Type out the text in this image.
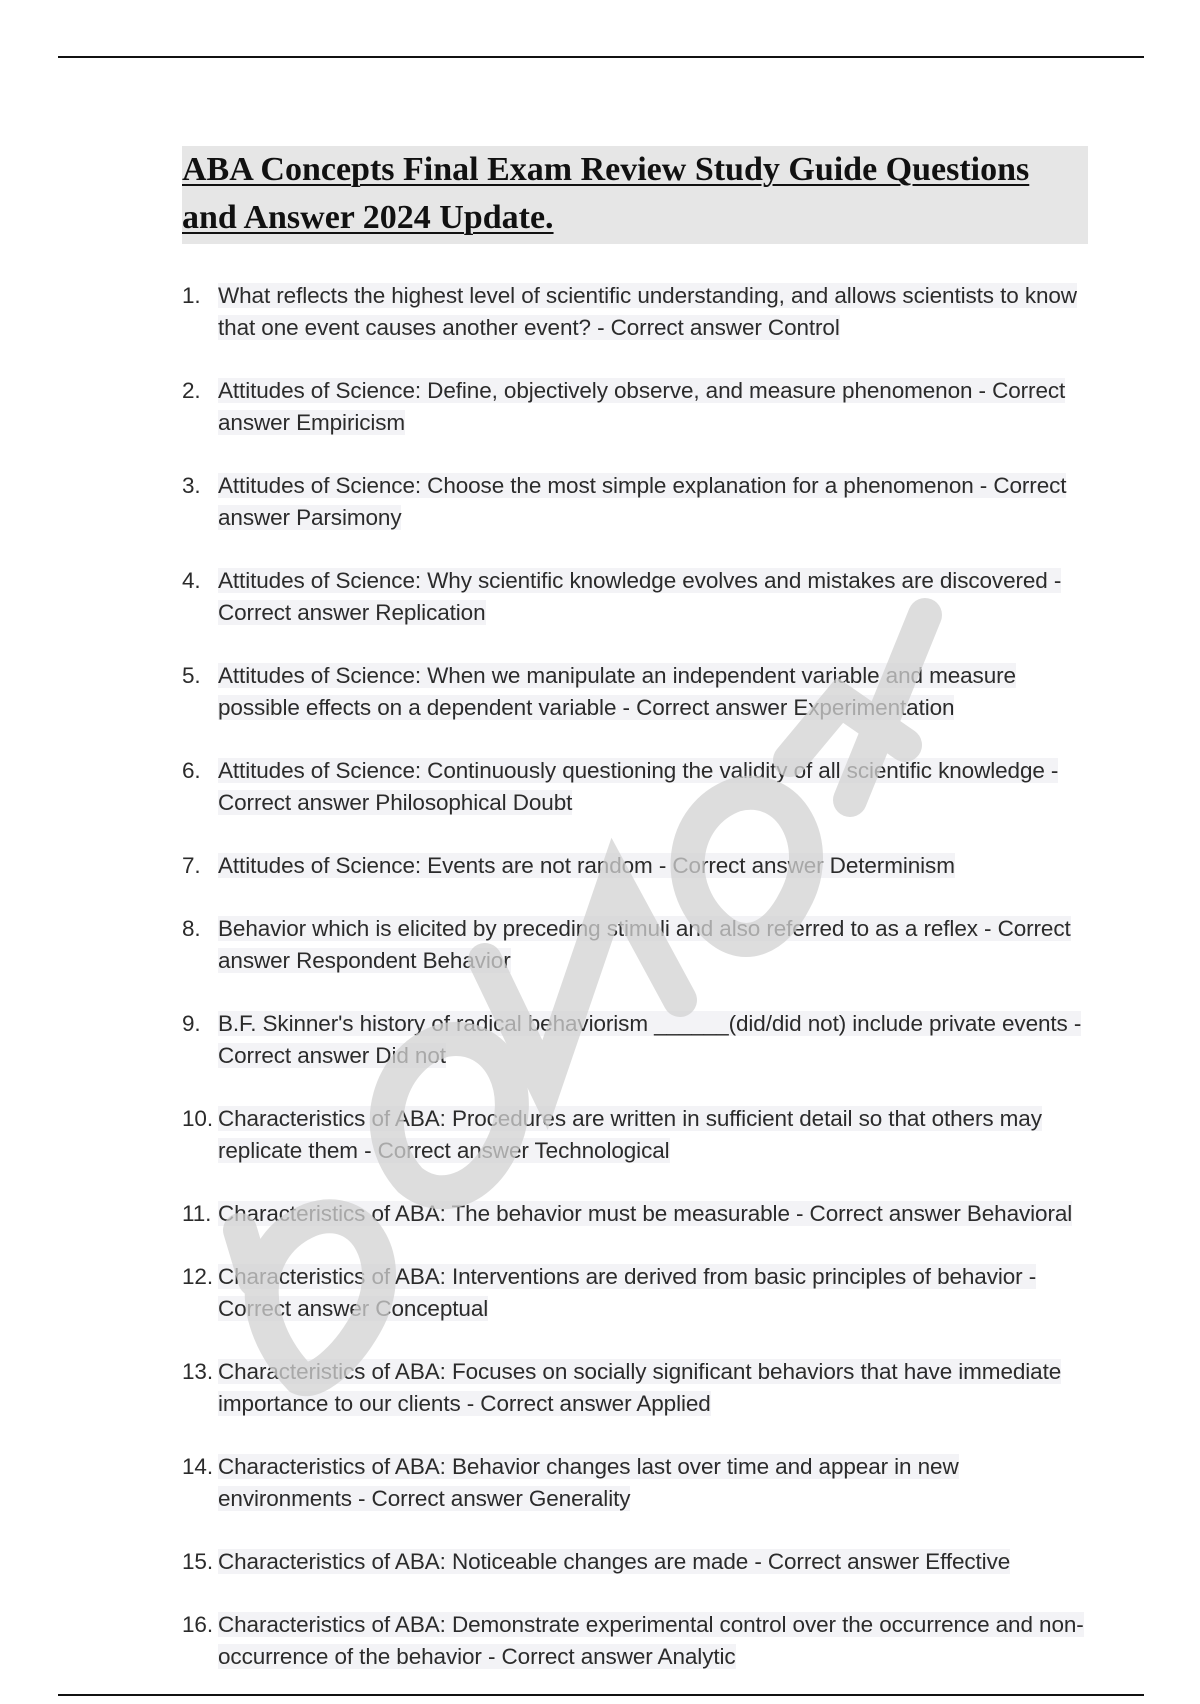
ABA Concepts Final Exam Review Study Guide Questions and Answer 2024 Update.
1. What reflects the highest level of scientific understanding, and allows scientists to know that one event causes another event? - Correct answer Control
2. Attitudes of Science: Define, objectively observe, and measure phenomenon - Correct answer Empiricism
3. Attitudes of Science: Choose the most simple explanation for a phenomenon - Correct answer Parsimony
4. Attitudes of Science: Why scientific knowledge evolves and mistakes are discovered - Correct answer Replication
5. Attitudes of Science: When we manipulate an independent variable and measure possible effects on a dependent variable - Correct answer Experimentation
6. Attitudes of Science: Continuously questioning the validity of all scientific knowledge - Correct answer Philosophical Doubt
7. Attitudes of Science: Events are not random - Correct answer Determinism
8. Behavior which is elicited by preceding stimuli and also referred to as a reflex - Correct answer Respondent Behavior
9. B.F. Skinner's history of radical behaviorism ______(did/did not) include private events - Correct answer Did not
10. Characteristics of ABA: Procedures are written in sufficient detail so that others may replicate them - Correct answer Technological
11. Characteristics of ABA: The behavior must be measurable - Correct answer Behavioral
12. Characteristics of ABA: Interventions are derived from basic principles of behavior - Correct answer Conceptual
13. Characteristics of ABA: Focuses on socially significant behaviors that have immediate importance to our clients - Correct answer Applied
14. Characteristics of ABA: Behavior changes last over time and appear in new environments - Correct answer Generality
15. Characteristics of ABA: Noticeable changes are made - Correct answer Effective
16. Characteristics of ABA: Demonstrate experimental control over the occurrence and non-occurrence of the behavior - Correct answer Analytic
